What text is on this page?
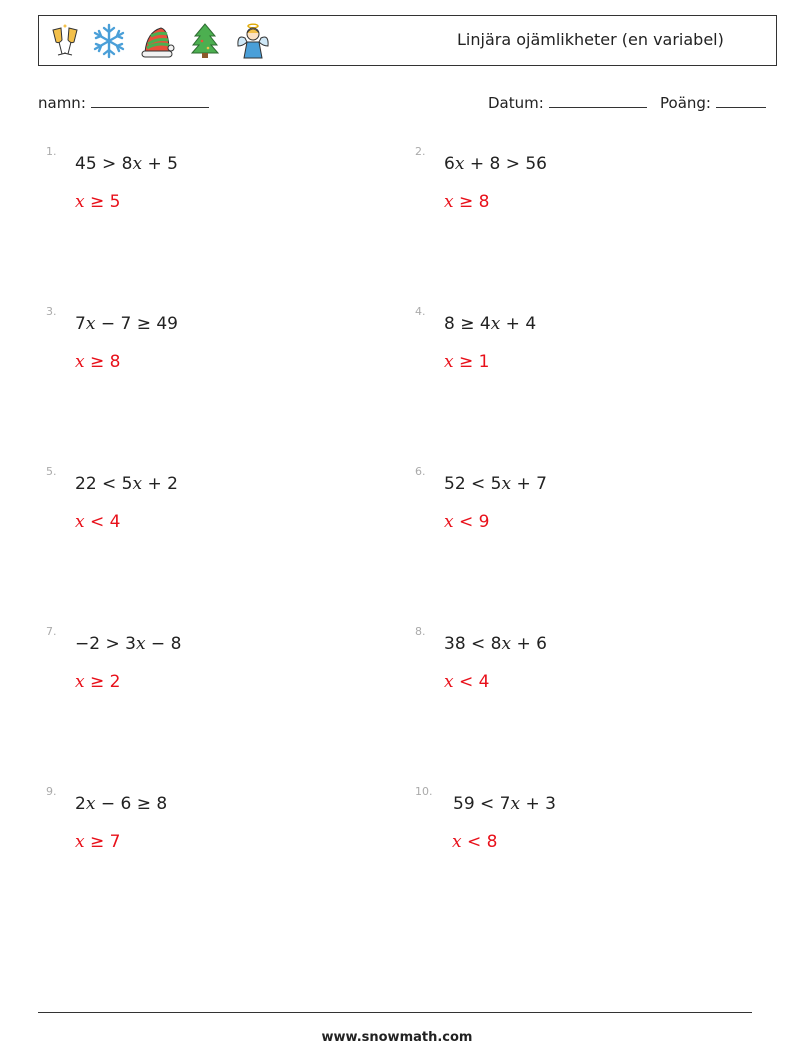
Linjära ojämlikheter (en variabel)
namn:	Datum:	Poäng:
1.
45 > 8x + 5
x ≥ 5
2.
6x + 8 > 56
x ≥ 8
3.
7x − 7 ≥ 49
x ≥ 8
4.
8 ≥ 4x + 4
x ≥ 1
5.
22 < 5x + 2
x < 4
6.
52 < 5x + 7
x < 9
7.
−2 > 3x − 8
x ≥ 2
8.
38 < 8x + 6
x < 4
9.
2x − 6 ≥ 8
x ≥ 7
10.
59 < 7x + 3
x < 8
www.snowmath.com
